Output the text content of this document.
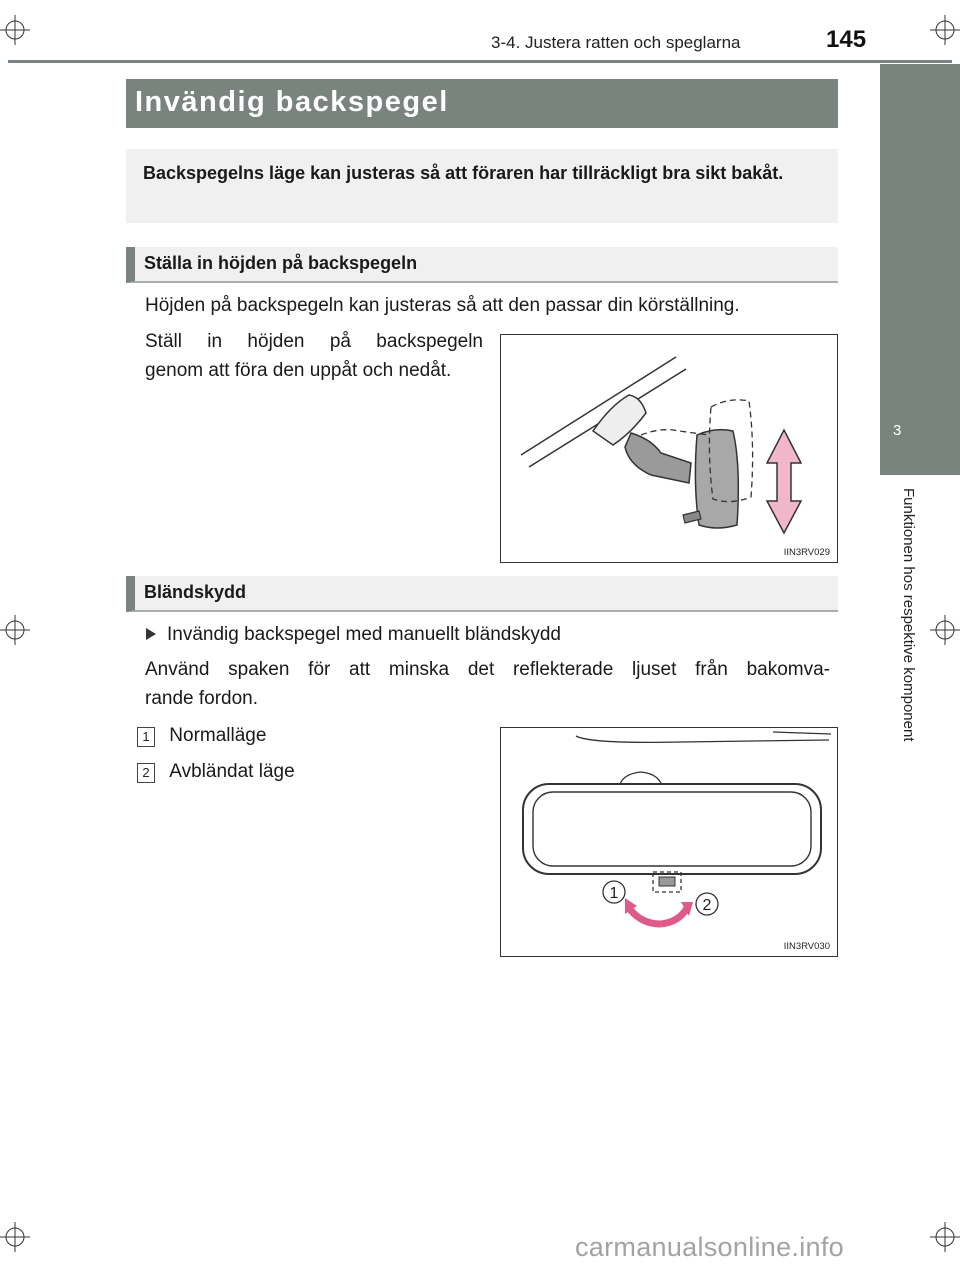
3-4. Justera ratten och speglarna	145
3
Funktionen hos respektive komponent
Invändig backspegel
Backspegelns läge kan justeras så att föraren har tillräckligt bra sikt bakåt.
Ställa in höjden på backspegeln
Höjden på backspegeln kan justeras så att den passar din körställning.
Ställ in höjden på backspegeln
genom att föra den uppåt och nedåt.
IIN3RV029
Bländskydd
Invändig backspegel med manuellt bländskydd
Använd spaken för att minska det reflekterade ljuset från bakomva-
rande fordon.
1 Normalläge
2 Avbländat läge
1
2
IIN3RV030
carmanualsonline.info
